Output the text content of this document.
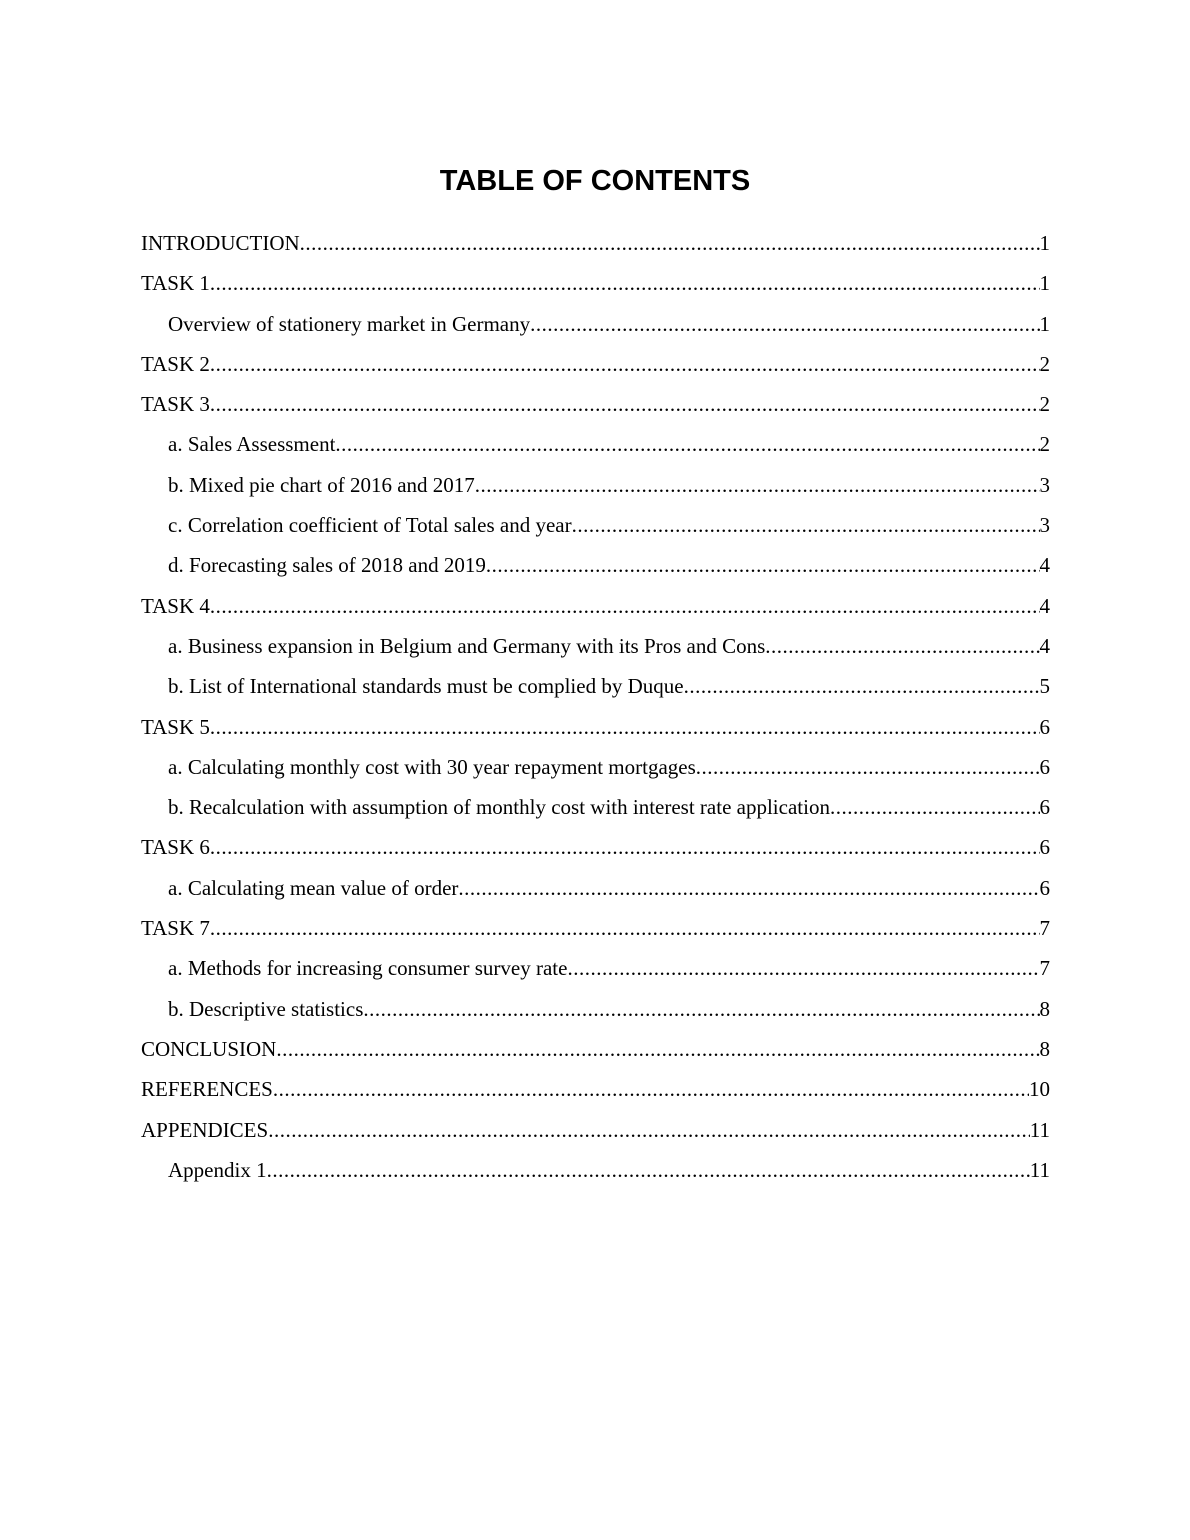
TABLE OF CONTENTS
INTRODUCTION .....	1
TASK 1 .....	1
Overview of stationery market in Germany .....	1
TASK 2 .....	2
TASK 3 .....	2
a. Sales Assessment .....	2
b. Mixed pie chart of 2016 and 2017 .....	3
c. Correlation coefficient of Total sales and year .....	3
d. Forecasting sales of 2018 and 2019 .....	4
TASK 4 .....	4
a. Business expansion in Belgium and Germany with its Pros and Cons .....	4
b. List of International standards must be complied by Duque .....	5
TASK 5 .....	6
a. Calculating monthly cost with 30 year repayment mortgages .....	6
b. Recalculation with assumption of monthly cost with interest rate application .....	6
TASK 6 .....	6
a. Calculating mean value of order .....	6
TASK 7 .....	7
a. Methods for increasing consumer survey rate .....	7
b. Descriptive statistics .....	8
CONCLUSION .....	8
REFERENCES .....	10
APPENDICES .....	11
Appendix 1 .....	11
